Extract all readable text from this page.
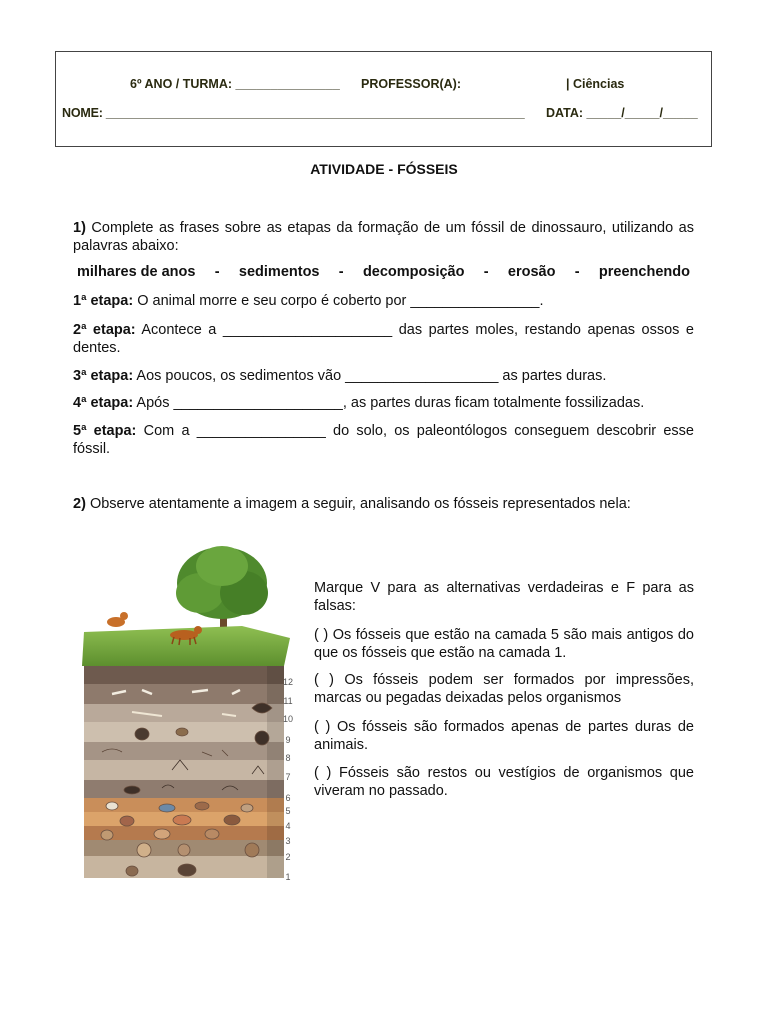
6º ANO / TURMA: _______________ PROFESSOR(A):	| Ciências
NOME: ______________________________________________________________ DATA: _____/_____/_____
ATIVIDADE - FÓSSEIS
1) Complete as frases sobre as etapas da formação de um fóssil de dinossauro, utilizando as palavras abaixo:
milhares de anos - sedimentos - decomposição - erosão - preenchendo
1ª etapa: O animal morre e seu corpo é coberto por ________________.
2ª etapa: Acontece a _____________________ das partes moles, restando apenas ossos e dentes.
3ª etapa: Aos poucos, os sedimentos vão ___________________ as partes duras.
4ª etapa: Após _____________________, as partes duras ficam totalmente fossilizadas.
5ª etapa: Com a ________________ do solo, os paleontólogos conseguem descobrir esse fóssil.
2) Observe atentamente a imagem a seguir, analisando os fósseis representados nela:
12
11
10
9
8
7
6
5
4
3
2
1
Marque V para as alternativas verdadeiras e F para as falsas:
( ) Os fósseis que estão na camada 5 são mais antigos do que os fósseis que estão na camada 1.
( ) Os fósseis podem ser formados por impressões, marcas ou pegadas deixadas pelos organismos
( ) Os fósseis são formados apenas de partes duras de animais.
( ) Fósseis são restos ou vestígios de organismos que viveram no passado.
